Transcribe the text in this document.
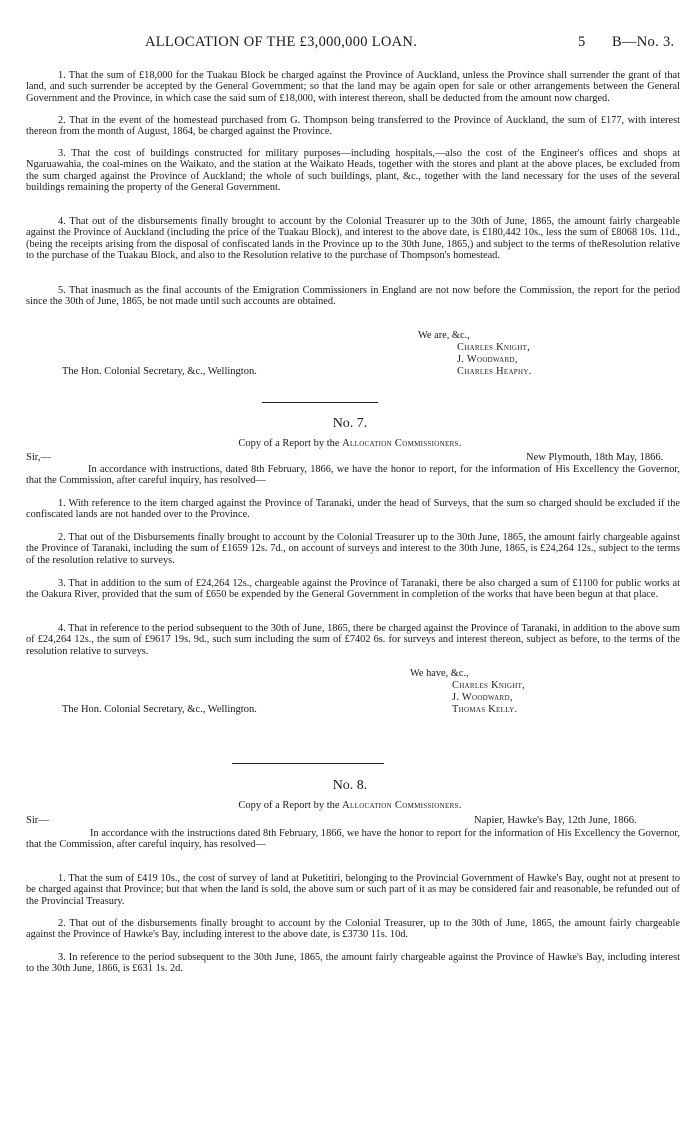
ALLOCATION OF THE £3,000,000 LOAN.	5 B—No. 3.

1. That the sum of £18,000 for the Tuakau Block be charged against the Province of Auckland, unless the Province shall surrender the grant of that land, and such surrender be accepted by the General Government; so that the land may be again open for sale or other arrangements between the General Government and the Province, in which case the said sum of £18,000, with interest thereon, shall be deducted from the amount now charged.

2. That in the event of the homestead purchased from G. Thompson being transferred to the Province of Auckland, the sum of £177, with interest thereon from the month of August, 1864, be charged against the Province.

3. That the cost of buildings constructed for military purposes—including hospitals,—also the cost of the Engineer's offices and shops at Ngaruawahia, the coal-mines on the Waikato, and the station at the Waikato Heads, together with the stores and plant at the above places, be excluded from the sum charged against the Province of Auckland; the whole of such buildings, plant, &c., together with the land necessary for the uses of the several buildings remaining the property of the General Government.

4. That out of the disbursements finally brought to account by the Colonial Treasurer up to the 30th of June, 1865, the amount fairly chargeable against the Province of Auckland (including the price of the Tuakau Block), and interest to the above date, is £180,442 10s., less the sum of £8068 10s. 11d., (being the receipts arising from the disposal of confiscated lands in the Province up to the 30th June, 1865,) and subject to the terms of theResolution relative to the purchase of the Tuakau Block, and also to the Resolution relative to the purchase of Thompson's homestead.

5. That inasmuch as the final accounts of the Emigration Commissioners in England are not now before the Commission, the report for the period since the 30th of June, 1865, be not made until such accounts are obtained.

We are, &c.,
Charles Knight,
J. Woodward,
Charles Heaphy.
The Hon. Colonial Secretary, &c., Wellington.
No. 7.
Copy of a Report by the Allocation Commissioners.
Sir,—	New Plymouth, 18th May, 1866.

In accordance with instructions, dated 8th February, 1866, we have the honor to report, for the information of His Excellency the Governor, that the Commission, after careful inquiry, has resolved—

1. With reference to the item charged against the Province of Taranaki, under the head of Surveys, that the sum so charged should be excluded if the confiscated lands are not handed over to the Province.

2. That out of the Disbursements finally brought to account by the Colonial Treasurer up to the 30th June, 1865, the amount fairly chargeable against the Province of Taranaki, including the sum of £1659 12s. 7d., on account of surveys and interest to the 30th June, 1865, is £24,264 12s., subject to the terms of the resolution relative to surveys.

3. That in addition to the sum of £24,264 12s., chargeable against the Province of Taranaki, there be also charged a sum of £1100 for public works at the Oakura River, provided that the sum of £650 be expended by the General Government in completion of the works that have been begun at that place.

4. That in reference to the period subsequent to the 30th of June, 1865, there be charged against the Province of Taranaki, in addition to the above sum of £24,264 12s., the sum of £9617 19s. 9d., such sum including the sum of £7402 6s. for surveys and interest thereon, subject as before, to the terms of the resolution relative to surveys.

We have, &c.,
Charles Knight,
J. Woodward,
Thomas Kelly.
The Hon. Colonial Secretary, &c., Wellington.
No. 8.
Copy of a Report by the Allocation Commissioners.
Sir—	Napier, Hawke's Bay, 12th June, 1866.

In accordance with the instructions dated 8th February, 1866, we have the honor to report for the information of His Excellency the Governor, that the Commission, after careful inquiry, has resolved—

1. That the sum of £419 10s., the cost of survey of land at Puketitiri, belonging to the Provincial Government of Hawke's Bay, ought not at present to be charged against that Province; but that when the land is sold, the above sum or such part of it as may be considered fair and reasonable, be refunded out of the Provincial Treasury.

2. That out of the disbursements finally brought to account by the Colonial Treasurer, up to the 30th of June, 1865, the amount fairly chargeable against the Province of Hawke's Bay, including interest to the above date, is £3730 11s. 10d.

3. In reference to the period subsequent to the 30th June, 1865, the amount fairly chargeable against the Province of Hawke's Bay, including interest to the 30th June, 1866, is £631 1s. 2d.
